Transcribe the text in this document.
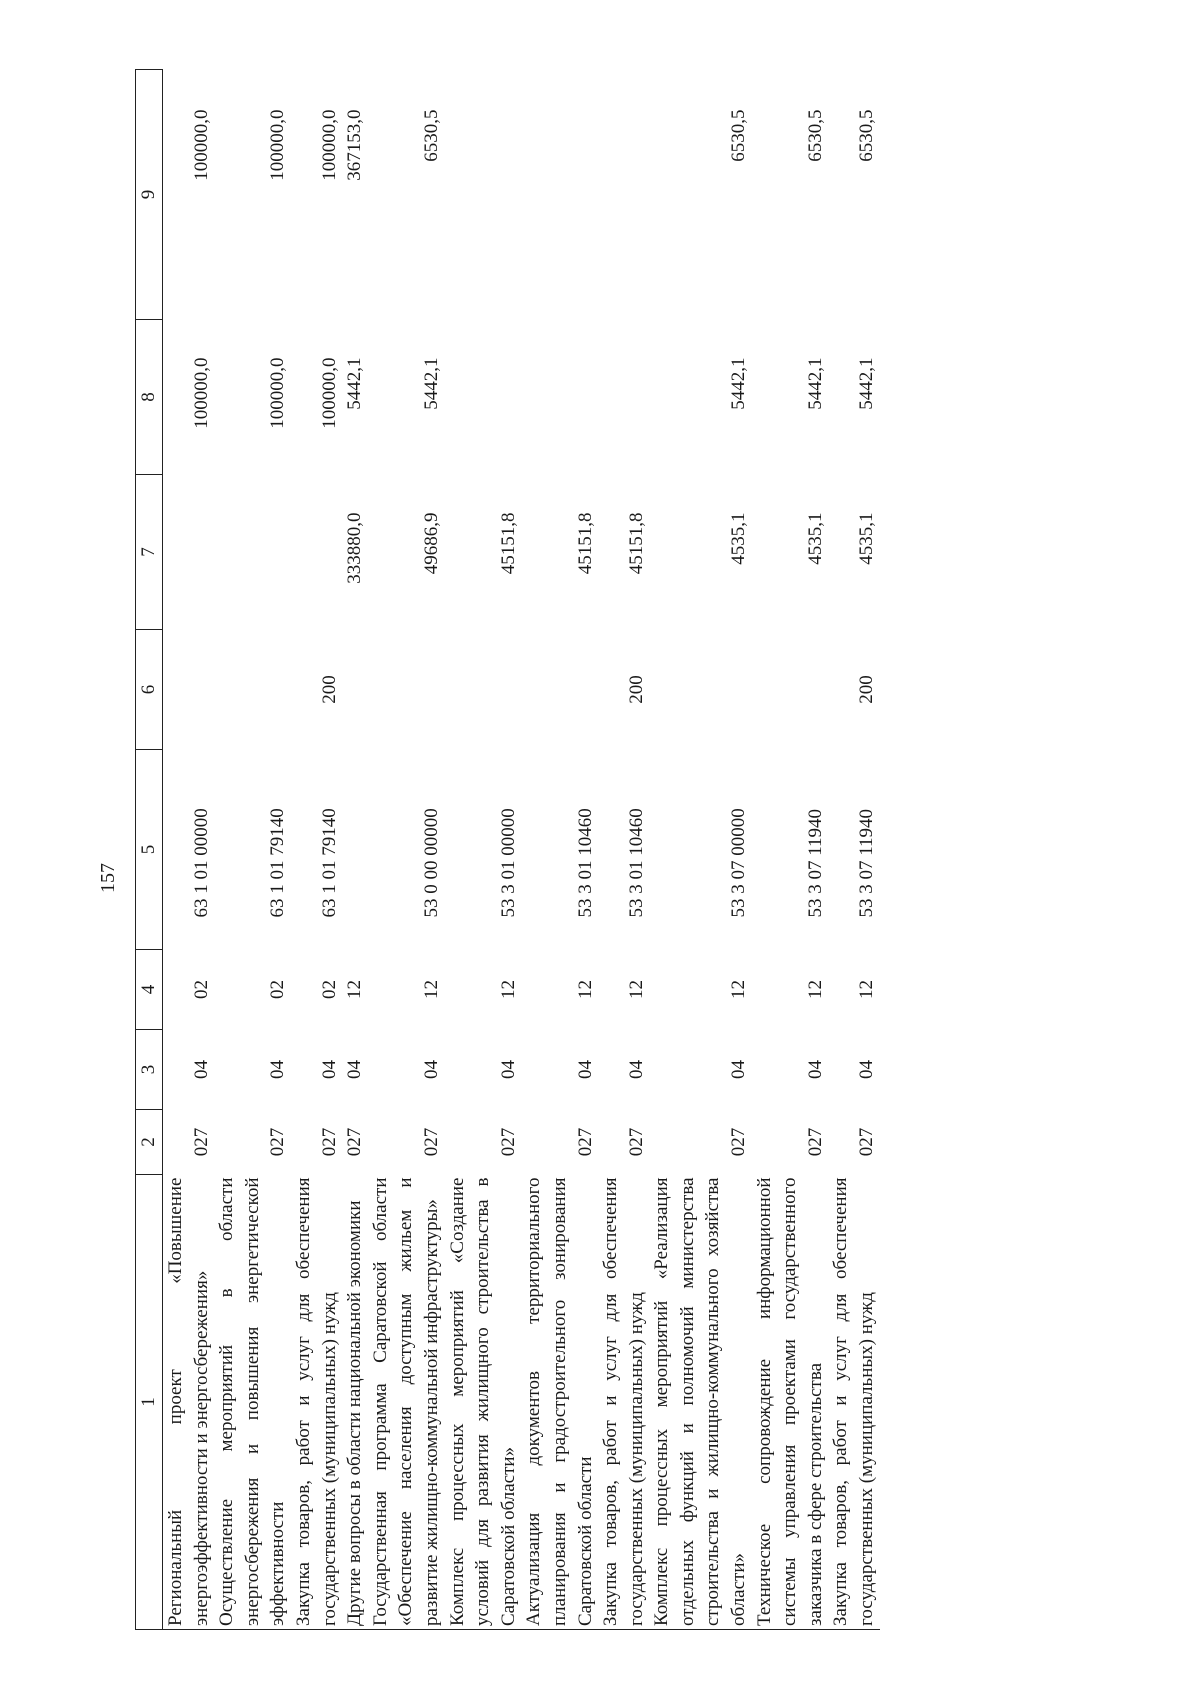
157
1	2	3	4	5	6	7	8	9
Региональный проект «Повышение энергоэффективности и энергосбережения»	027	04	02	63 1 01 00000			100000,0	100000,0
Осуществление мероприятий в области энергосбережения и повышения энергетической эффективности	027	04	02	63 1 01 79140			100000,0	100000,0
Закупка товаров, работ и услуг для обеспечения государственных (муниципальных) нужд	027	04	02	63 1 01 79140	200		100000,0	100000,0
Другие вопросы в области национальной экономики	027	04	12			333880,0	5442,1	367153,0
Государственная программа Саратовской области «Обеспечение населения доступным жильем и развитие жилищно-коммунальной инфраструктуры»	027	04	12	53 0 00 00000		49686,9	5442,1	6530,5
Комплекс процессных мероприятий «Создание условий для развития жилищного строительства в Саратовской области»	027	04	12	53 3 01 00000		45151,8		
Актуализация документов территориального планирования и градостроительного зонирования Саратовской области	027	04	12	53 3 01 10460		45151,8		
Закупка товаров, работ и услуг для обеспечения государственных (муниципальных) нужд	027	04	12	53 3 01 10460	200	45151,8		
Комплекс процессных мероприятий «Реализация отдельных функций и полномочий министерства строительства и жилищно-коммунального хозяйства области»	027	04	12	53 3 07 00000		4535,1	5442,1	6530,5
Техническое сопровождение информационной системы управления проектами государственного заказчика в сфере строительства	027	04	12	53 3 07 11940		4535,1	5442,1	6530,5
Закупка товаров, работ и услуг для обеспечения государственных (муниципальных) нужд	027	04	12	53 3 07 11940	200	4535,1	5442,1	6530,5
